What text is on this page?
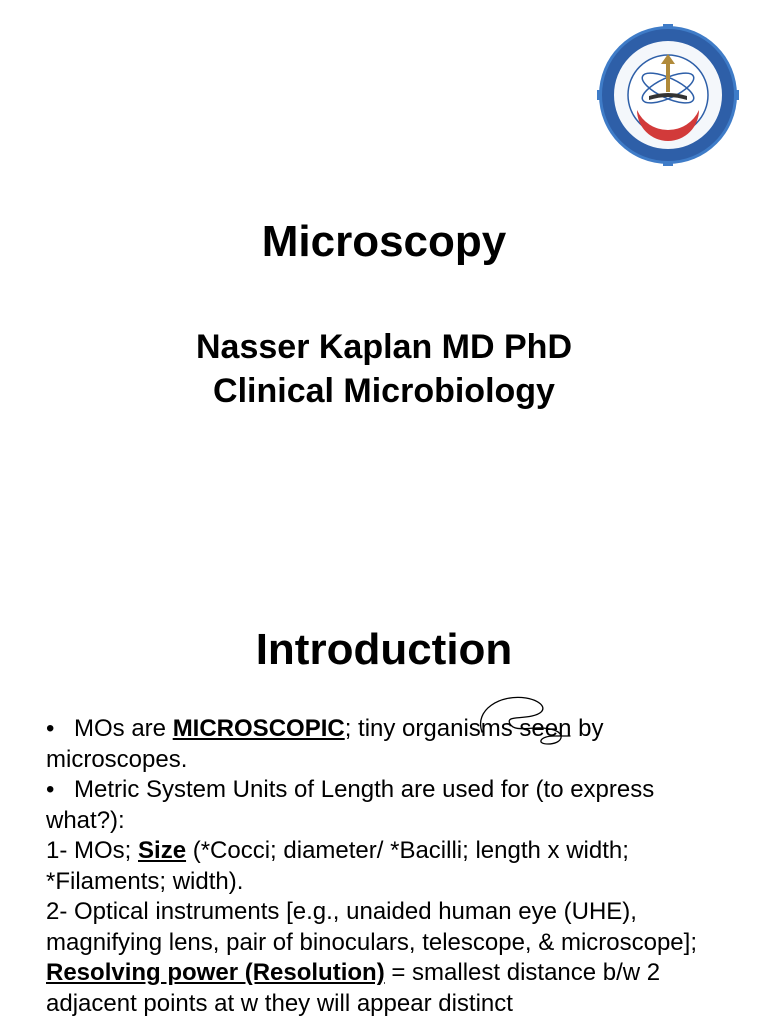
Microscopy
Nasser Kaplan MD PhD
Clinical Microbiology
Introduction

• MOs are MICROSCOPIC; tiny organisms seen by microscopes.

• Metric System Units of Length are used for (to express what?):

1- MOs; Size (*Cocci; diameter/ *Bacilli; length x width; *Filaments; width).

2- Optical instruments [e.g., unaided human eye (UHE), magnifying lens, pair of binoculars, telescope, & microscope]; Resolving power (Resolution) = smallest distance b/w 2 adjacent points at w they will appear distinct
